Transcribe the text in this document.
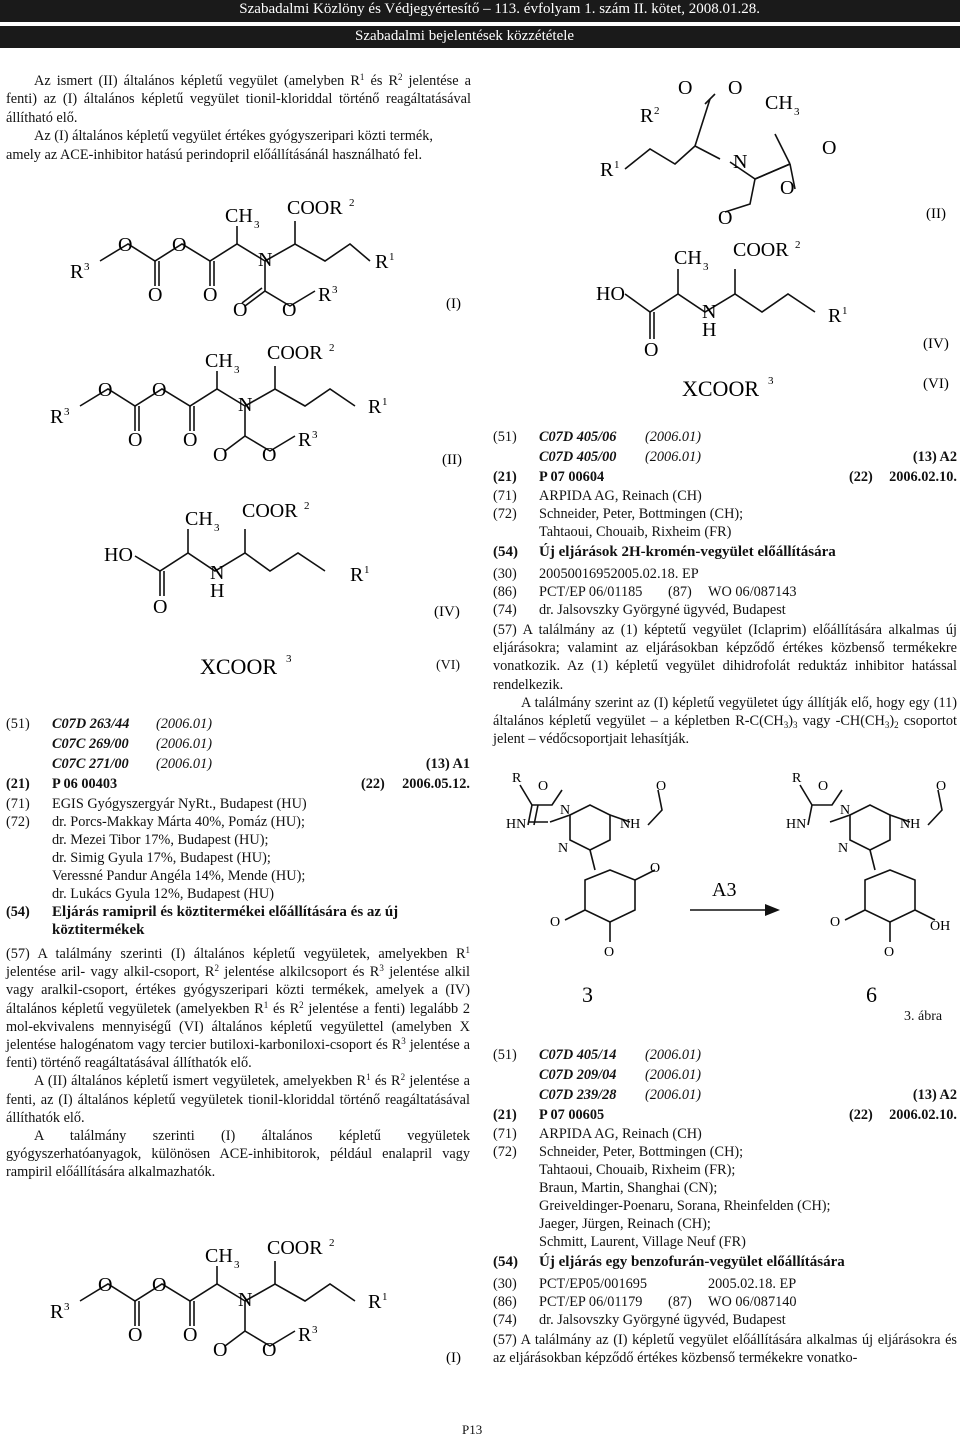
Szabadalmi Közlöny és Védjegyértesítő – 113. évfolyam 1. szám II. kötet, 2008.01.28.
Szabadalmi bejelentések közzététele
Az ismert (II) általános képletű vegyület (amelyben $R^1$ és $R^2$ jelentése a fenti) az (I) általános képletű vegyület tionil-kloriddal történő reagáltatásával állítható elő.
Az (I) általános képletű vegyület értékes gyógyszeripari közti termék, amely az ACE-inhibitor hatású perindopril előállításánál használható fel.
R 3
O O
O O
CH 3
COOR 2
N	R 1
O O
R 3
(I)
R 3
O O
O O
CH 3
COOR 2
N	R 1
O O
R 3
(II)
HO
O
CH 3
COOR 2
N
H
R 1
(IV)
XCOOR 3	(VI)
(51) C07D 263/44 (2006.01)
C07C 269/00 (2006.01)
C07C 271/00 (2006.01)	(13) A1
(21) P 06 00403	(22) 2006.05.12.
(71) EGIS Gyógyszergyár NyRt., Budapest (HU)
(72) dr. Porcs-Makkay Márta 40%, Pomáz (HU);
dr. Mezei Tibor 17%, Budapest (HU);
dr. Simig Gyula 17%, Budapest (HU);
Veressné Pandur Angéla 14%, Mende (HU);
dr. Lukács Gyula 12%, Budapest (HU)
(54) Eljárás ramipril és köztitermékei előállítására és az új köztitermékek
(57) A találmány szerinti (I) általános képletű vegyületek, amelyekben $R^1$ jelentése aril- vagy alkil-csoport, $R^2$ jelentése alkilcsoport és $R^3$ jelentése alkil vagy aralkil-csoport, értékes gyógyszeripari közti termékek, amelyek a (IV) általános képletű vegyületek (amelyekben $R^1$ és $R^2$ jelentése a fenti) legalább 2 mol-ekvivalens mennyiségű (VI) általános képletű vegyülettel (amelyben X jelentése halogénatom vagy tercier butiloxi-karboniloxi-csoport és $R^3$ jelentése a fenti) történő reagáltatásával állíthatók elő.
A (II) általános képletű ismert vegyületek, amelyekben $R^1$ és $R^2$ jelentése a fenti, az (I) általános képletű vegyületek tionil-kloriddal történő reagáltatásával állíthatók elő.
A találmány szerinti (I) általános képletű vegyületek gyógyszerhatóanyagok, különösen ACE-inhibitorok, például enalapril vagy rampiril előállítására alkalmazhatók.
R 3
O O
O O
CH 3
COOR 2
N	R 1
O O
R 3
(I)
R 1
R 2
O O
CH 3
N
O
O
O	(II)
HO
O
CH 3
COOR 2
N
H
R 1
(IV)
XCOOR 3	(VI)
(51) C07D 405/06 (2006.01)
C07D 405/00 (2006.01)	(13) A2
(21) P 07 00604	(22) 2006.02.10.
(71) ARPIDA AG, Reinach (CH)
(72) Schneider, Peter, Bottmingen (CH);
Tahtaoui, Chouaib, Rixheim (FR)
(54) Új eljárások 2H-kromén-vegyület előállítására
(30) 20050016952005.02.18. EP
(86) PCT/EP 06/01185 (87) WO 06/087143
(74) dr. Jalsovszky Györgyné ügyvéd, Budapest
(57) A találmány az (1) képtetű vegyület (Iclaprim) előállítására alkalmas új eljárásokra; valamint az eljárásokban képződő értékes közbenső termékekre vonatkozik. Az (1) képletű vegyület dihidrofolát reduktáz inhibitor hatással rendelkezik.
A találmány szerint az (I) képletű vegyületet úgy állítják elő, hogy egy (11) általános képletű vegyület – a képletben $R-C(CH_3)_3$ vagy $-CH(CH_3)_2$ csoportot jelent – védőcsoportjait lehasítják.
R
HN	NH
N
N
O
O
O
O
O
3
A3
R
HN	NH
N
N
O
O
OH
O
O
6
3. ábra
(51) C07D 405/14 (2006.01)
C07D 209/04 (2006.01)
C07D 239/28 (2006.01)	(13) A2
(21) P 07 00605	(22) 2006.02.10.
(71) ARPIDA AG, Reinach (CH)
(72) Schneider, Peter, Bottmingen (CH);
Tahtaoui, Chouaib, Rixheim (FR);
Braun, Martin, Shanghai (CN);
Greiveldinger-Poenaru, Sorana, Rheinfelden (CH);
Jaeger, Jürgen, Reinach (CH);
Schmitt, Laurent, Village Neuf (FR)
(54) Új eljárás egy benzofurán-vegyület előállítására
(30) PCT/EP05/001695	2005.02.18. EP
(86) PCT/EP 06/01179 (87) WO 06/087140
(74) dr. Jalsovszky Györgyné ügyvéd, Budapest
(57) A találmány az (I) képletű vegyület előállítására alkalmas új eljárásokra és az eljárásokban képződő értékes közbenső termékekre vonatko-
P13
